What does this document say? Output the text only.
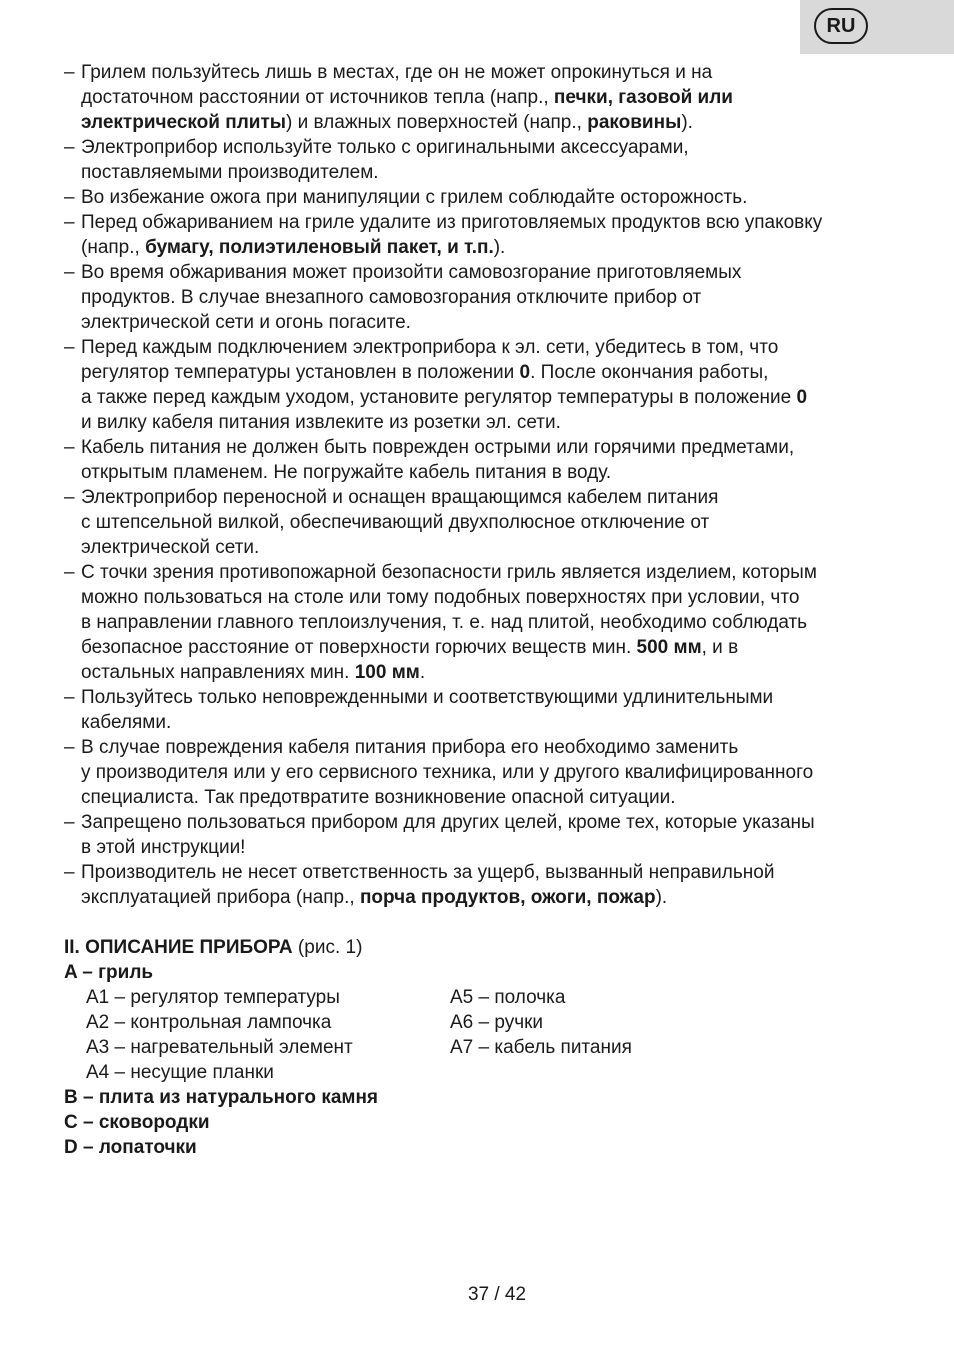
RU
– Грилем пользуйтесь лишь в местах, где он не может опрокинуться и на
достаточном расстоянии от источников тепла (напр., печки, газовой или
электрической плиты) и влажных поверхностей (напр., раковины).
– Электроприбор используйте только с оригинальными аксессуарами,
поставляемыми производителем.
– Во избежание ожога при манипуляции с грилем соблюдайте осторожность.
– Перед обжариванием на гриле удалите из приготовляемых продуктов всю упаковку
(напр., бумагу, полиэтиленовый пакет, и т.п.).
– Во время обжаривания может произойти самовозгорание приготовляемых
продуктов. В случае внезапного самовозгорания отключите прибор от
электрической сети и огонь погасите.
– Перед каждым подключением электроприбора к эл. сети, убедитесь в том, что
регулятор температуры установлен в положении 0. После окончания работы,
а также перед каждым уходом, установите регулятор температуры в положение 0
и вилку кабеля питания извлеките из розетки эл. сети.
– Кабель питания не должен быть поврежден острыми или горячими предметами,
открытым пламенем. Не погружайте кабель питания в воду.
– Электроприбор переносной и оснащен вращающимся кабелем питания
с штепсельной вилкой, обеспечивающий двухполюсное отключение от
электрической сети.
– С точки зрения противопожарной безопасности гриль является изделием, которым
можно пользоваться на столе или тому подобных поверхностях при условии, что
в направлении главного теплоизлучения, т. е. над плитой, необходимо соблюдать
безопасное расстояние от поверхности горючих веществ мин. 500 мм, и в
остальных направлениях мин. 100 мм.
– Пользуйтесь только неповрежденными и соответствующими удлинительными
кабелями.
– В случае повреждения кабеля питания прибора его необходимо заменить
у производителя или у его сервисного техника, или у другого квалифицированного
специалиста. Так предотвратите возникновение опасной ситуации.
– Запрещено пользоваться прибором для других целей, кроме тех, которые указаны
в этой инструкции!
– Производитель не несет ответственность за ущерб, вызванный неправильной
эксплуатацией прибора (напр., порча продуктов, ожоги, пожар).
II. ОПИСАНИЕ ПРИБОРА (рис. 1)
A – гриль
A1 – регулятор температуры
A2 – контрольная лампочка
A3 – нагревательный элемент
A4 – несущие планки
A5 – полочка
A6 – ручки
A7 – кабель питания
B – плита из натурального камня
C – сковородки
D – лопаточки
37 / 42
